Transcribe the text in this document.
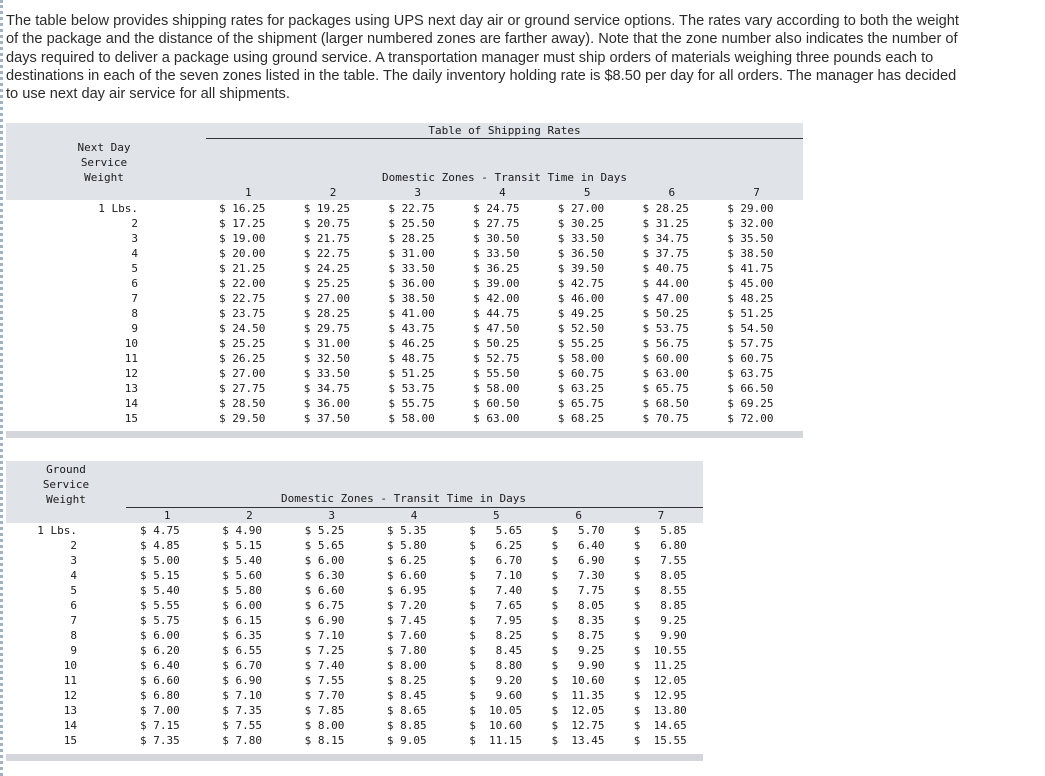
The table below provides shipping rates for packages using UPS next day air or ground service options. The rates vary according to both the weight of the package and the distance of the shipment (larger numbered zones are farther away). Note that the zone number also indicates the number of days required to deliver a package using ground service. A transportation manager must ship orders of materials weighing three pounds each to destinations in each of the seven zones listed in the table. The daily inventory holding rate is $8.50 per day for all orders. The manager has decided to use next day air service for all shipments.
Table of Shipping Rates
Next Day
Service
Weight	Domestic Zones - Transit Time in Days
1	2	3	4	5	6	7
1 Lbs.	$ 16.25	$ 19.25	$ 22.75	$ 24.75	$ 27.00	$ 28.25	$ 29.00
2	$ 17.25	$ 20.75	$ 25.50	$ 27.75	$ 30.25	$ 31.25	$ 32.00
3	$ 19.00	$ 21.75	$ 28.25	$ 30.50	$ 33.50	$ 34.75	$ 35.50
4	$ 20.00	$ 22.75	$ 31.00	$ 33.50	$ 36.50	$ 37.75	$ 38.50
5	$ 21.25	$ 24.25	$ 33.50	$ 36.25	$ 39.50	$ 40.75	$ 41.75
6	$ 22.00	$ 25.25	$ 36.00	$ 39.00	$ 42.75	$ 44.00	$ 45.00
7	$ 22.75	$ 27.00	$ 38.50	$ 42.00	$ 46.00	$ 47.00	$ 48.25
8	$ 23.75	$ 28.25	$ 41.00	$ 44.75	$ 49.25	$ 50.25	$ 51.25
9	$ 24.50	$ 29.75	$ 43.75	$ 47.50	$ 52.50	$ 53.75	$ 54.50
10	$ 25.25	$ 31.00	$ 46.25	$ 50.25	$ 55.25	$ 56.75	$ 57.75
11	$ 26.25	$ 32.50	$ 48.75	$ 52.75	$ 58.00	$ 60.00	$ 60.75
12	$ 27.00	$ 33.50	$ 51.25	$ 55.50	$ 60.75	$ 63.00	$ 63.75
13	$ 27.75	$ 34.75	$ 53.75	$ 58.00	$ 63.25	$ 65.75	$ 66.50
14	$ 28.50	$ 36.00	$ 55.75	$ 60.50	$ 65.75	$ 68.50	$ 69.25
15	$ 29.50	$ 37.50	$ 58.00	$ 63.00	$ 68.25	$ 70.75	$ 72.00
Ground
Service
Weight	Domestic Zones - Transit Time in Days
1	2	3	4	5	6	7
1 Lbs.	$ 4.75	$ 4.90	$ 5.25	$ 5.35	$   5.65	$   5.70	$   5.85
2	$ 4.85	$ 5.15	$ 5.65	$ 5.80	$   6.25	$   6.40	$   6.80
3	$ 5.00	$ 5.40	$ 6.00	$ 6.25	$   6.70	$   6.90	$   7.55
4	$ 5.15	$ 5.60	$ 6.30	$ 6.60	$   7.10	$   7.30	$   8.05
5	$ 5.40	$ 5.80	$ 6.60	$ 6.95	$   7.40	$   7.75	$   8.55
6	$ 5.55	$ 6.00	$ 6.75	$ 7.20	$   7.65	$   8.05	$   8.85
7	$ 5.75	$ 6.15	$ 6.90	$ 7.45	$   7.95	$   8.35	$   9.25
8	$ 6.00	$ 6.35	$ 7.10	$ 7.60	$   8.25	$   8.75	$   9.90
9	$ 6.20	$ 6.55	$ 7.25	$ 7.80	$   8.45	$   9.25	$  10.55
10	$ 6.40	$ 6.70	$ 7.40	$ 8.00	$   8.80	$   9.90	$  11.25
11	$ 6.60	$ 6.90	$ 7.55	$ 8.25	$   9.20	$  10.60	$  12.05
12	$ 6.80	$ 7.10	$ 7.70	$ 8.45	$   9.60	$  11.35	$  12.95
13	$ 7.00	$ 7.35	$ 7.85	$ 8.65	$  10.05	$  12.05	$  13.80
14	$ 7.15	$ 7.55	$ 8.00	$ 8.85	$  10.60	$  12.75	$  14.65
15	$ 7.35	$ 7.80	$ 8.15	$ 9.05	$  11.15	$  13.45	$  15.55
